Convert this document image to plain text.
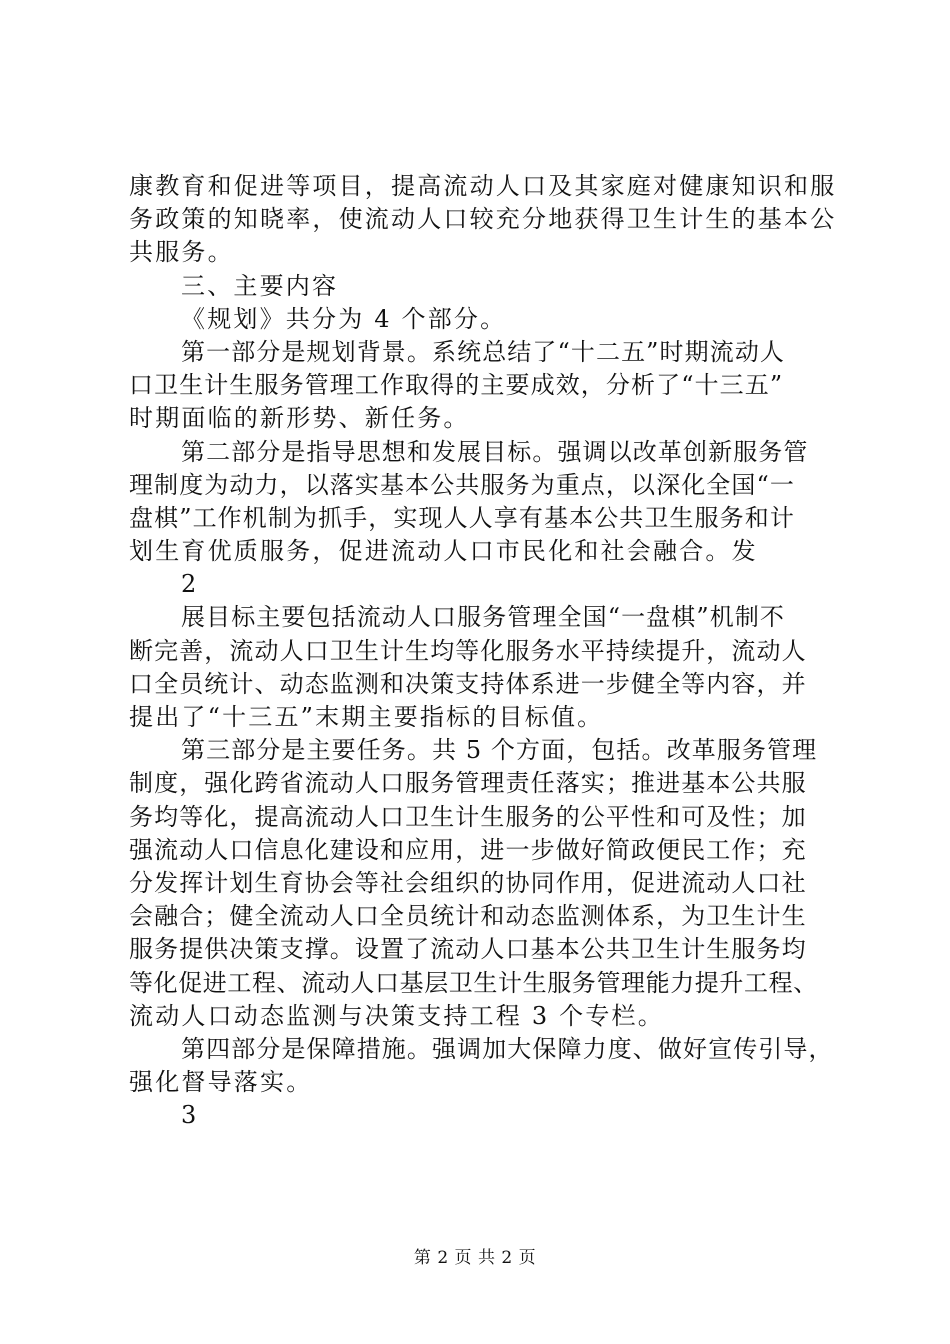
康教育和促进等项目，提高流动人口及其家庭对健康知识和服
务政策的知晓率，使流动人口较充分地获得卫生计生的基本公
共服务。
三、主要内容
《规划》共分为 4 个部分。
第一部分是规划背景。系统总结了“十二五”时期流动人
口卫生计生服务管理工作取得的主要成效，分析了“十三五”
时期面临的新形势、新任务。
第二部分是指导思想和发展目标。强调以改革创新服务管
理制度为动力，以落实基本公共服务为重点，以深化全国“一
盘棋”工作机制为抓手，实现人人享有基本公共卫生服务和计
划生育优质服务，促进流动人口市民化和社会融合。发
2
展目标主要包括流动人口服务管理全国“一盘棋”机制不
断完善，流动人口卫生计生均等化服务水平持续提升，流动人
口全员统计、动态监测和决策支持体系进一步健全等内容，并
提出了“十三五”末期主要指标的目标值。
第三部分是主要任务。共 5 个方面，包括。改革服务管理
制度，强化跨省流动人口服务管理责任落实；推进基本公共服
务均等化，提高流动人口卫生计生服务的公平性和可及性；加
强流动人口信息化建设和应用，进一步做好简政便民工作；充
分发挥计划生育协会等社会组织的协同作用，促进流动人口社
会融合；健全流动人口全员统计和动态监测体系，为卫生计生
服务提供决策支撑。设置了流动人口基本公共卫生计生服务均
等化促进工程、流动人口基层卫生计生服务管理能力提升工程、
流动人口动态监测与决策支持工程 3 个专栏。
第四部分是保障措施。强调加大保障力度、做好宣传引导，
强化督导落实。
3
第 2 页 共 2 页
